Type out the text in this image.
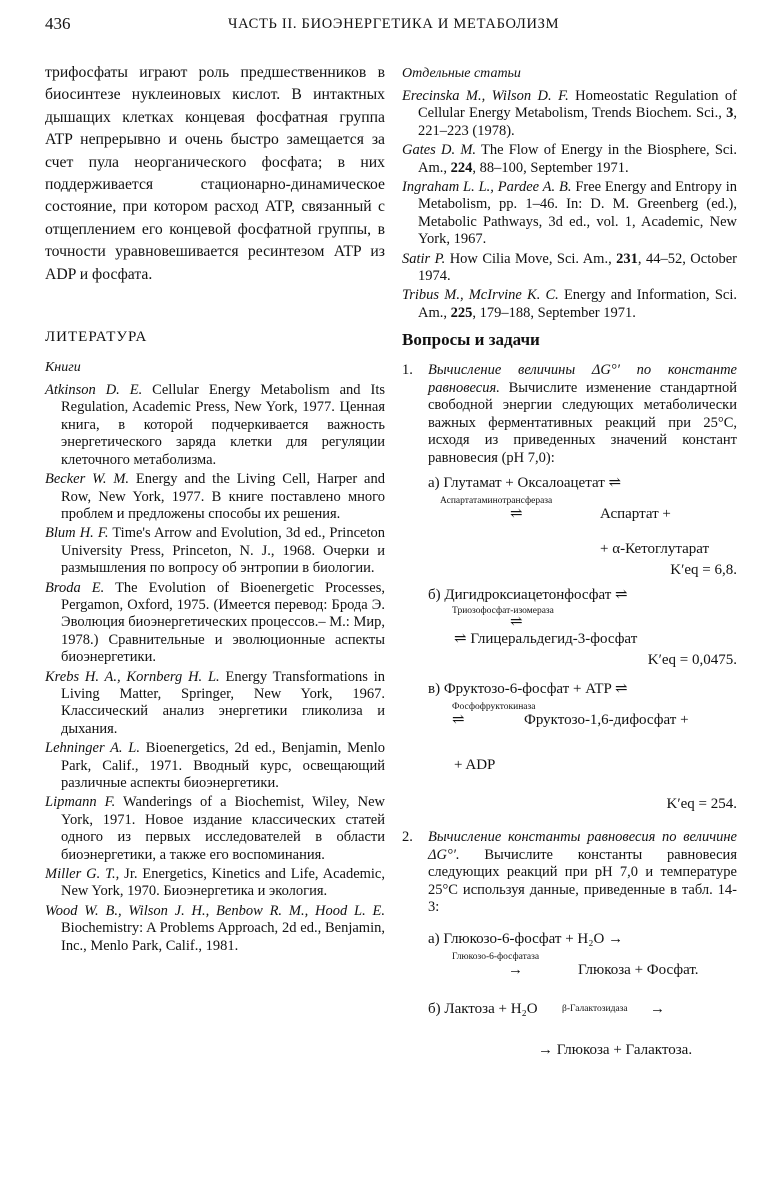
436	ЧАСТЬ II. БИОЭНЕРГЕТИКА И МЕТАБОЛИЗМ

трифосфаты играют роль предшественников в биосинтезе нуклеиновых кислот. В интактных дышащих клетках концевая фосфатная группа ATP непрерывно и очень быстро замещается за счет пула неорганического фосфата; в них поддерживается стационарно-динамическое состояние, при котором расход ATP, связанный с отщеплением его концевой фосфатной группы, в точности уравновешивается ресинтезом ATP из ADP и фосфата.

ЛИТЕРАТУРА
Книги

Atkinson D. E. Cellular Energy Metabolism and Its Regulation, Academic Press, New York, 1977. Ценная книга, в которой подчеркивается важность энергетического заряда клетки для регуляции клеточного метаболизма.

Becker W. M. Energy and the Living Cell, Harper and Row, New York, 1977. В книге поставлено много проблем и предложены способы их решения.

Blum H. F. Time's Arrow and Evolution, 3d ed., Princeton University Press, Princeton, N. J., 1968. Очерки и размышления по вопросу об энтропии в биологии.

Broda E. The Evolution of Bioenergetic Processes, Pergamon, Oxford, 1975. (Имеется перевод: Брода Э. Эволюция биоэнергетических процессов.– М.: Мир, 1978.) Сравнительные и эволюционные аспекты биоэнергетики.

Krebs H. A., Kornberg H. L. Energy Transformations in Living Matter, Springer, New York, 1967. Классический анализ энергетики гликолиза и дыхания.

Lehninger A. L. Bioenergetics, 2d ed., Benjamin, Menlo Park, Calif., 1971. Вводный курс, освещающий различные аспекты биоэнергетики.

Lipmann F. Wanderings of a Biochemist, Wiley, New York, 1971. Новое издание классических статей одного из первых исследователей в области биоэнергетики, а также его воспоминания.

Miller G. T., Jr. Energetics, Kinetics and Life, Academic, New York, 1970. Биоэнергетика и экология.

Wood W. B., Wilson J. H., Benbow R. M., Hood L. E. Biochemistry: A Problems Approach, 2d ed., Benjamin, Inc., Menlo Park, Calif., 1981.

Отдельные статьи

Erecinska M., Wilson D. F. Homeostatic Regulation of Cellular Energy Metabolism, Trends Biochem. Sci., 3, 221–223 (1978).

Gates D. M. The Flow of Energy in the Biosphere, Sci. Am., 224, 88–100, September 1971.

Ingraham L. L., Pardee A. B. Free Energy and Entropy in Metabolism, pp. 1–46. In: D. M. Greenberg (ed.), Metabolic Pathways, 3d ed., vol. 1, Academic, New York, 1967.

Satir P. How Cilia Move, Sci. Am., 231, 44–52, October 1974.

Tribus M., McIrvine K. C. Energy and Information, Sci. Am., 225, 179–188, September 1971.

Вопросы и задачи
1. Вычисление величины ΔG°′ по константе равновесия. Вычислите изменение стандартной свободной энергии следующих метаболически важных ферментативных реакций при 25°С, исходя из приведенных значений констант равновесия (рН 7,0):
а) Глутамат + Оксалоацетат ⇌
Аспартатаминотрансфераза
⇌	Аспартат +
+ α-Кетоглутарат
K′eq = 6,8.
б) Дигидроксиацетонфосфат ⇌
Триозофосфат-изомераза
⇌
⇌ Глицеральдегид-3-фосфат
K′eq = 0,0475.
в) Фруктозо-6-фосфат + ATP ⇌
Фосфофруктокиназа
⇌	Фруктозо-1,6-дифосфат +
+ ADP
K′eq = 254.
2. Вычисление константы равновесия по величине ΔG°′. Вычислите константы равновесия следующих реакций при рН 7,0 и температуре 25°С используя данные, приведенные в табл. 14-3:
а) Глюкозо-6-фосфат + H₂O →
Глюкозо-6-фосфатаза
→	Глюкоза + Фосфат.
β-Галактозидаза
б) Лактоза + H₂O	→
→ Глюкоза + Галактоза.
